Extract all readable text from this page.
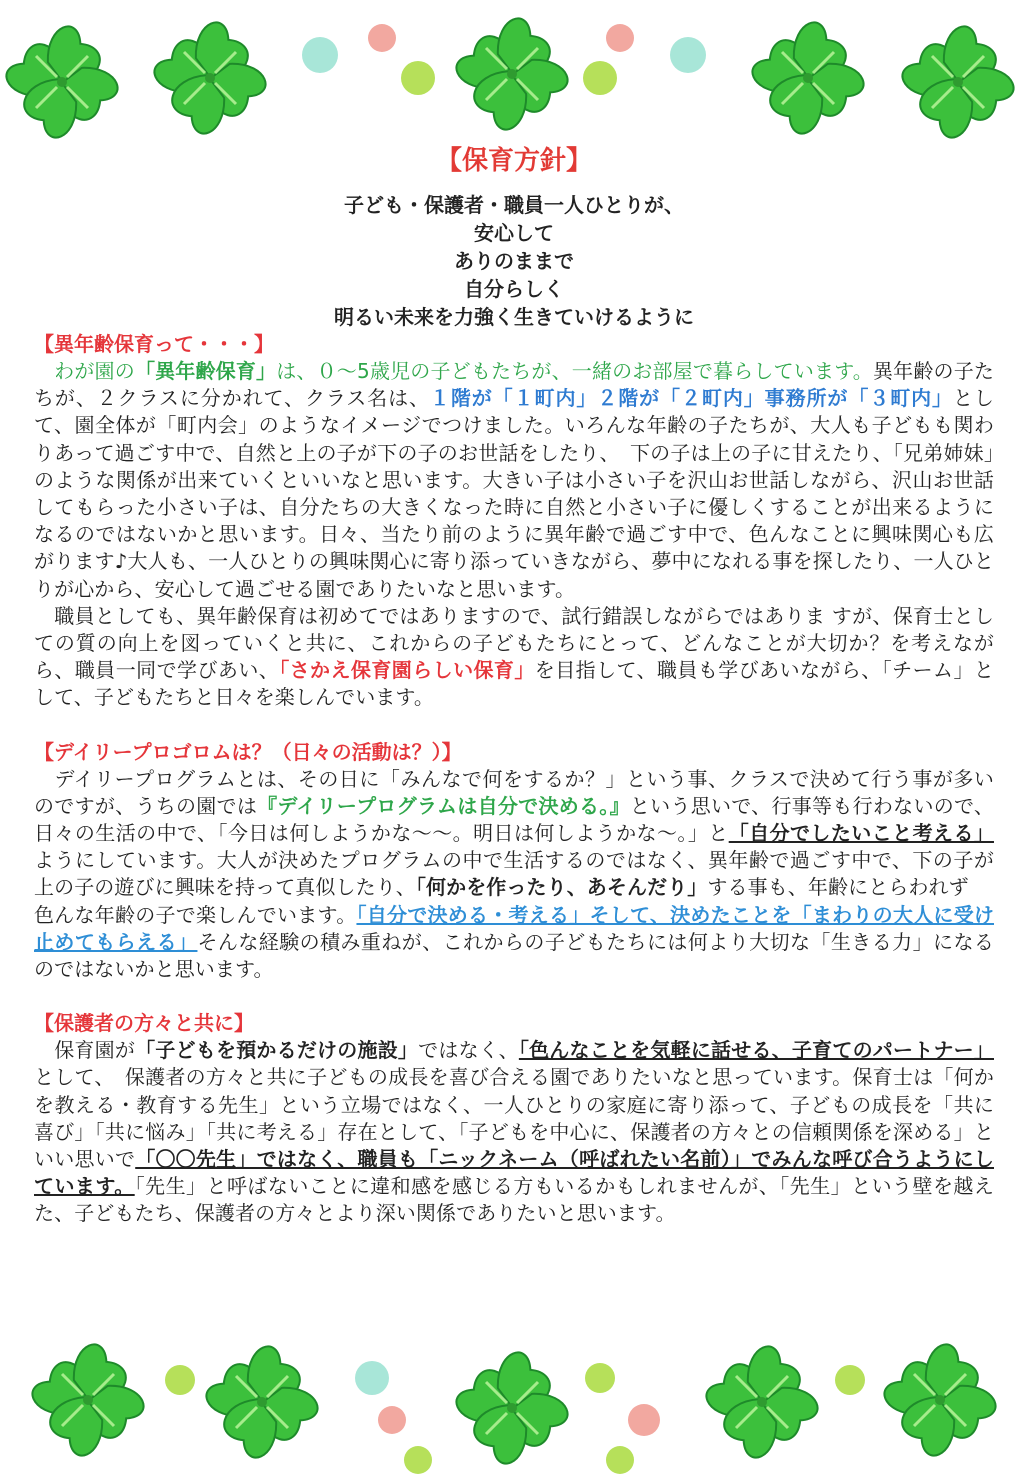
【保育方針】

子ども・保護者・職員一人ひとりが、

安心して

ありのままで

自分らしく

明るい未来を力強く生きていけるように

【異年齢保育って・・・】

　わが園の「異年齢保育」は、０～5歳児の子どもたちが、一緒のお部屋で暮らしています。異年齢の子たちが、２クラスに分かれて、クラス名は、１階が「１町内」２階が「２町内」事務所が「３町内」として、園全体が「町内会」のようなイメージでつけました。いろんな年齢の子たちが、大人も子どもも関わりあって過ごす中で、自然と上の子が下の子のお世話をしたり、　下の子は上の子に甘えたり、「兄弟姉妹」のような関係が出来ていくといいなと思います。大きい子は小さい子を沢山お世話しながら、沢山お世話してもらった小さい子は、自分たちの大きくなった時に自然と小さい子に優しくすることが出来るようになるのではないかと思います。日々、当たり前のように異年齢で過ごす中で、色んなことに興味関心も広がります♪大人も、一人ひとりの興味関心に寄り添っていきながら、夢中になれる事を探したり、一人ひとりが心から、安心して過ごせる園でありたいなと思います。

　職員としても、異年齢保育は初めてではありますので、試行錯誤しながらではありま すが、保育士としての質の向上を図っていくと共に、これからの子どもたちにとって、どんなことが大切か？を考えながら、職員一同で学びあい、「さかえ保育園らしい保育」を目指して、職員も学びあいながら、「チーム」として、子どもたちと日々を楽しんでいます。

【デイリープロゴロムは？（日々の活動は？）】

　デイリープログラムとは、その日に「みんなで何をするか？」という事、クラスで決めて行う事が多いのですが、うちの園では『デイリープログラムは自分で決める。』という思いで、行事等も行わないので、日々の生活の中で、「今日は何しようかな～～。明日は何しようかな～。」と「自分でしたいこと考える」ようにしています。大人が決めたプログラムの中で生活するのではなく、異年齢で過ごす中で、下の子が上の子の遊びに興味を持って真似したり、「何かを作ったり、あそんだり」する事も、年齢にとらわれず
色んな年齢の子で楽しんでいます。「自分で決める・考える」そして、決めたことを「まわりの大人に受け止めてもらえる」そんな経験の積み重ねが、これからの子どもたちには何より大切な「生きる力」になるのではないかと思います。

【保護者の方々と共に】

　保育園が「子どもを預かるだけの施設」ではなく、「色んなことを気軽に話せる、子育てのパートナー」として、　保護者の方々と共に子どもの成長を喜び合える園でありたいなと思っています。保育士は「何かを教える・教育する先生」という立場ではなく、一人ひとりの家庭に寄り添って、子どもの成長を「共に喜び」「共に悩み」「共に考える」存在として、「子どもを中心に、保護者の方々との信頼関係を深める」といい思いで「〇〇先生」ではなく、職員も「ニックネーム（呼ばれたい名前）」でみんな呼び合うようにしています。「先生」と呼ばないことに違和感を感じる方もいるかもしれませんが、「先生」という壁を越えた、子どもたち、保護者の方々とより深い関係でありたいと思います。
